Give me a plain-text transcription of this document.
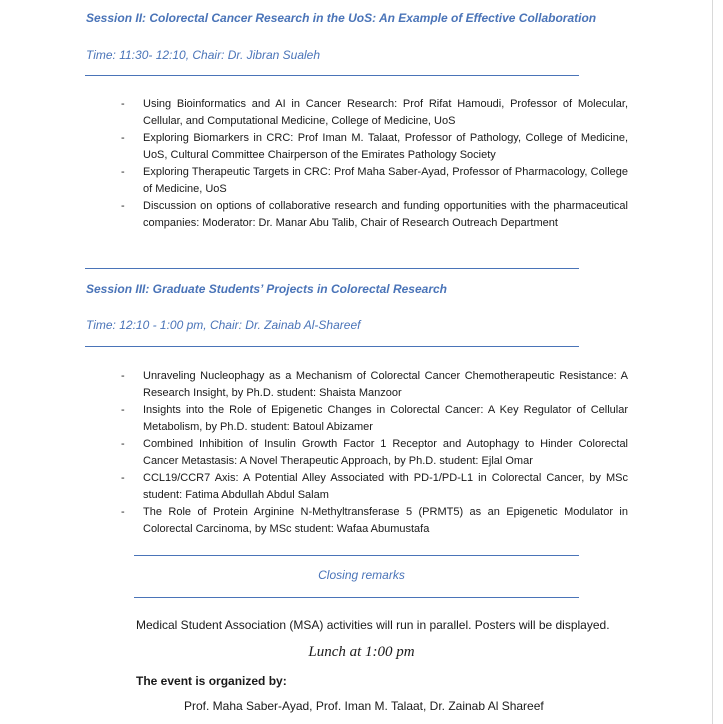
Session II: Colorectal Cancer Research in the UoS: An Example of Effective Collaboration
Time: 11:30- 12:10, Chair: Dr. Jibran Sualeh
- Using Bioinformatics and AI in Cancer Research: Prof Rifat Hamoudi, Professor of Molecular, Cellular, and Computational Medicine, College of Medicine, UoS
- Exploring Biomarkers in CRC: Prof Iman M. Talaat, Professor of Pathology, College of Medicine, UoS, Cultural Committee Chairperson of the Emirates Pathology Society
- Exploring Therapeutic Targets in CRC: Prof Maha Saber-Ayad, Professor of Pharmacology, College of Medicine, UoS
- Discussion on options of collaborative research and funding opportunities with the pharmaceutical companies: Moderator: Dr. Manar Abu Talib, Chair of Research Outreach Department
Session III: Graduate Students’ Projects in Colorectal Research
Time: 12:10 - 1:00 pm, Chair: Dr. Zainab Al-Shareef
- Unraveling Nucleophagy as a Mechanism of Colorectal Cancer Chemotherapeutic Resistance: A Research Insight, by Ph.D. student: Shaista Manzoor
- Insights into the Role of Epigenetic Changes in Colorectal Cancer: A Key Regulator of Cellular Metabolism, by Ph.D. student: Batoul Abizamer
- Combined Inhibition of Insulin Growth Factor 1 Receptor and Autophagy to Hinder Colorectal Cancer Metastasis: A Novel Therapeutic Approach, by Ph.D. student: Ejlal Omar
- CCL19/CCR7 Axis: A Potential Alley Associated with PD-1/PD-L1 in Colorectal Cancer, by MSc student: Fatima Abdullah Abdul Salam
- The Role of Protein Arginine N-Methyltransferase 5 (PRMT5) as an Epigenetic Modulator in Colorectal Carcinoma, by MSc student: Wafaa Abumustafa
Closing remarks
Medical Student Association (MSA) activities will run in parallel. Posters will be displayed.
Lunch at 1:00 pm
The event is organized by:
Prof. Maha Saber-Ayad, Prof. Iman M. Talaat, Dr. Zainab Al Shareef
